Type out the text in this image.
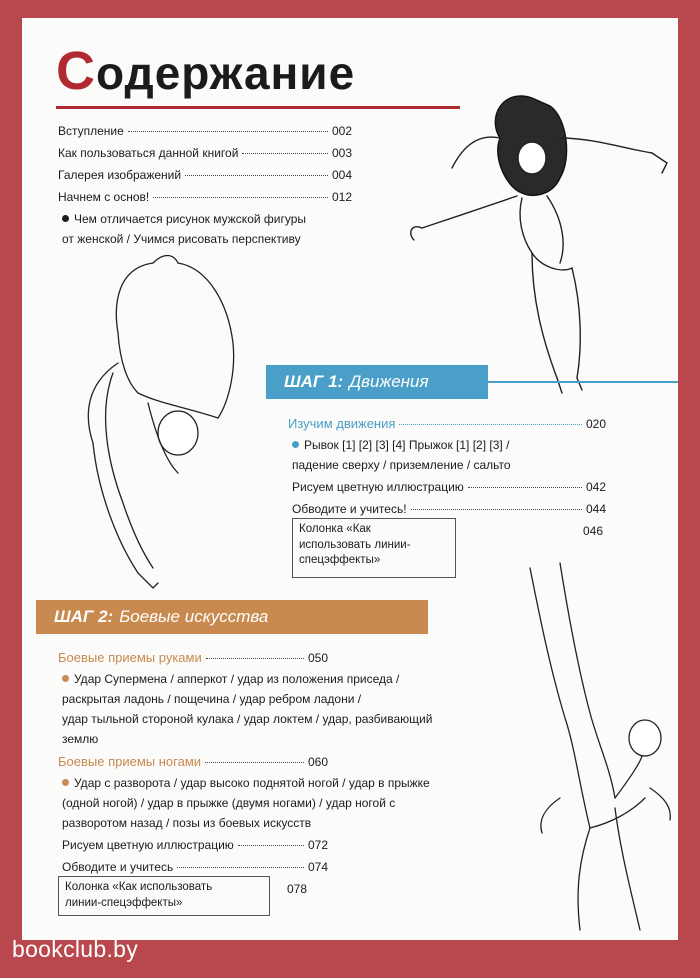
Содержание
Вступление	002
Как пользоваться данной книгой	003
Галерея изображений	004
Начнем с основ!	012
Чем отличается рисунок мужской фигуры
от женской / Учимся рисовать перспективу
ШАГ 1: Движения
Изучим движения	020
Рывок [1] [2] [3] [4] Прыжок [1] [2] [3] /
падение сверху / приземление / сальто
Рисуем цветную иллюстрацию	042
Обводите и учитесь!	044
Колонка «Как
использовать линии-
спецэффекты»
046
ШАГ 2: Боевые искусства
Боевые приемы руками	050
Удар Супермена / апперкот / удар из положения приседа /
раскрытая ладонь / пощечина / удар ребром ладони /
удар тыльной стороной кулака / удар локтем / удар, разбивающий
землю
Боевые приемы ногами	060
Удар с разворота / удар высоко поднятой ногой / удар в прыжке
(одной ногой) / удар в прыжке (двумя ногами) / удар ногой с
разворотом назад / позы из боевых искусств
Рисуем цветную иллюстрацию	072
Обводите и учитесь	074
Колонка «Как использовать
линии-спецэффекты»
078
bookclub.by
